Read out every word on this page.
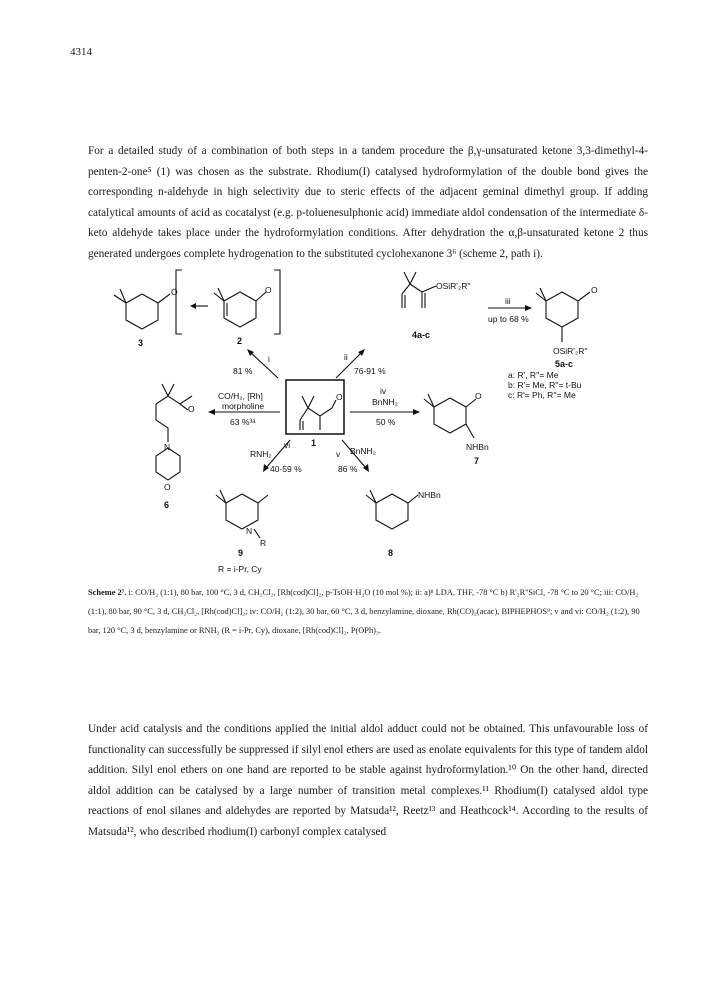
4314

For a detailed study of a combination of both steps in a tandem procedure the β,γ-unsaturated ketone 3,3-dimethyl-4-penten-2-one⁵ (1) was chosen as the substrate. Rhodium(I) catalysed hydroformylation of the double bond gives the corresponding n-aldehyde in high selectivity due to steric effects of the adjacent geminal dimethyl group. If adding catalytical amounts of acid as cocatalyst (e.g. p-toluenesulphonic acid) immediate aldol condensation of the intermediate δ-keto aldehyde takes place under the hydroformylation conditions. After dehydration the α,β-unsaturated ketone 2 thus generated undergoes complete hydrogenation to the substituted cyclohexanone 3⁶ (scheme 2, path i).

O
3
O
2
OSiR'₂R''
4a-c
iii
up to 68 %
O
OSiR'₂R''
5a-c
a: R', R''= Me
b: R'= Me, R''= t-Bu
c: R'= Ph, R''= Me
i
81 %
ii
76-91 %
O
1
CO/H₂, [Rh]
morpholine
63 %³ᵃ
O
N
O
6
iv
BnNH₂
50 %
O
NHBn
7
RNH₂
vi
40-59 %
v BnNH₂
86 %
N
R
9
R = i-Pr, Cy
NHBn
8
Scheme 2⁷. i: CO/H₂ (1:1), 80 bar, 100 °C, 3 d, CH₂Cl₂, [Rh(cod)Cl]₂, p-TsOH·H₂O (10 mol %); ii: a)⁸ LDA, THF, -78 °C b) R'₂R''SiCl, -78 °C to 20 °C; iii: CO/H₂ (1:1), 80 bar, 90 °C, 3 d, CH₂Cl₂, [Rh(cod)Cl]₂; iv: CO/H₂ (1:2), 30 bar, 60 °C, 3 d, benzylamine, dioxane, Rh(CO)₂(acac), BIPHEPHOS⁹; v and vi: CO/H₂ (1:2), 90 bar, 120 °C, 3 d, benzylamine or RNH₂ (R = i-Pr, Cy), dioxane, [Rh(cod)Cl]₂, P(OPh)₃.

Under acid catalysis and the conditions applied the initial aldol adduct could not be obtained. This unfavourable loss of functionality can successfully be suppressed if silyl enol ethers are used as enolate equivalents for this type of tandem aldol addition. Silyl enol ethers on one hand are reported to be stable against hydroformylation.¹⁰ On the other hand, directed aldol addition can be catalysed by a large number of transition metal complexes.¹¹ Rhodium(I) catalysed aldol type reactions of enol silanes and aldehydes are reported by Matsuda¹², Reetz¹³ and Heathcock¹⁴. According to the results of Matsuda¹², who described rhodium(I) carbonyl complex catalysed
